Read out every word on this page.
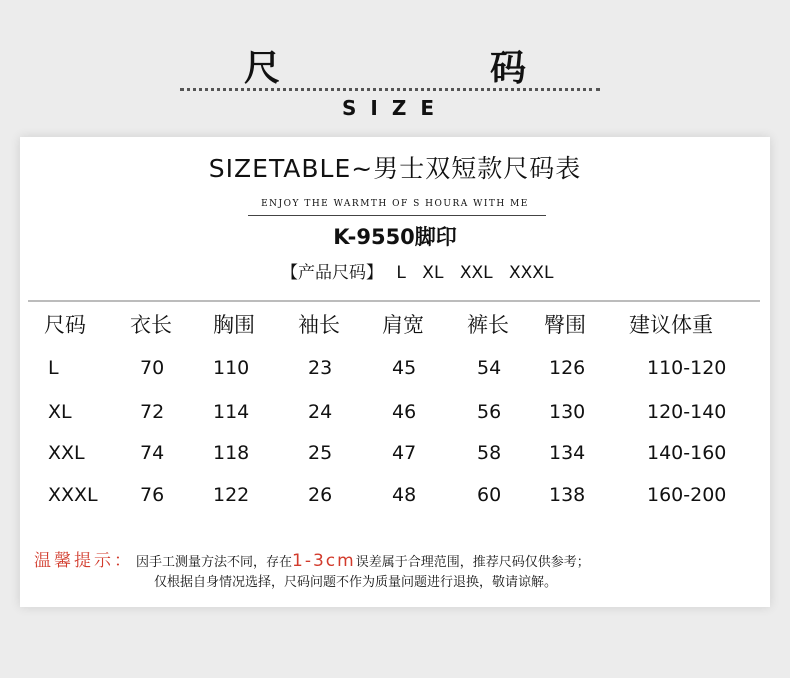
尺	码
SIZE
SIZETABLE~男士双短款尺码表
ENJOY THE WARMTH OF S HOURA WITH ME
K-9550脚印
【产品尺码】 L XL XXL XXXL
尺码 衣长 胸围 袖长 肩宽 裤长 臀围 建议体重
L	70	110	23	45	54	126	110-120
XL	72	114	24	46	56	130	120-140
XXL	74	118	25	47	58	134	140-160
XXXL 76	122	26	48	60	138	160-200
温馨提示： 因手工测量方法不同，存在1-3cm误差属于合理范围，推荐尺码仅供参考；
仅根据自身情况选择，尺码问题不作为质量问题进行退换，敬请谅解。
